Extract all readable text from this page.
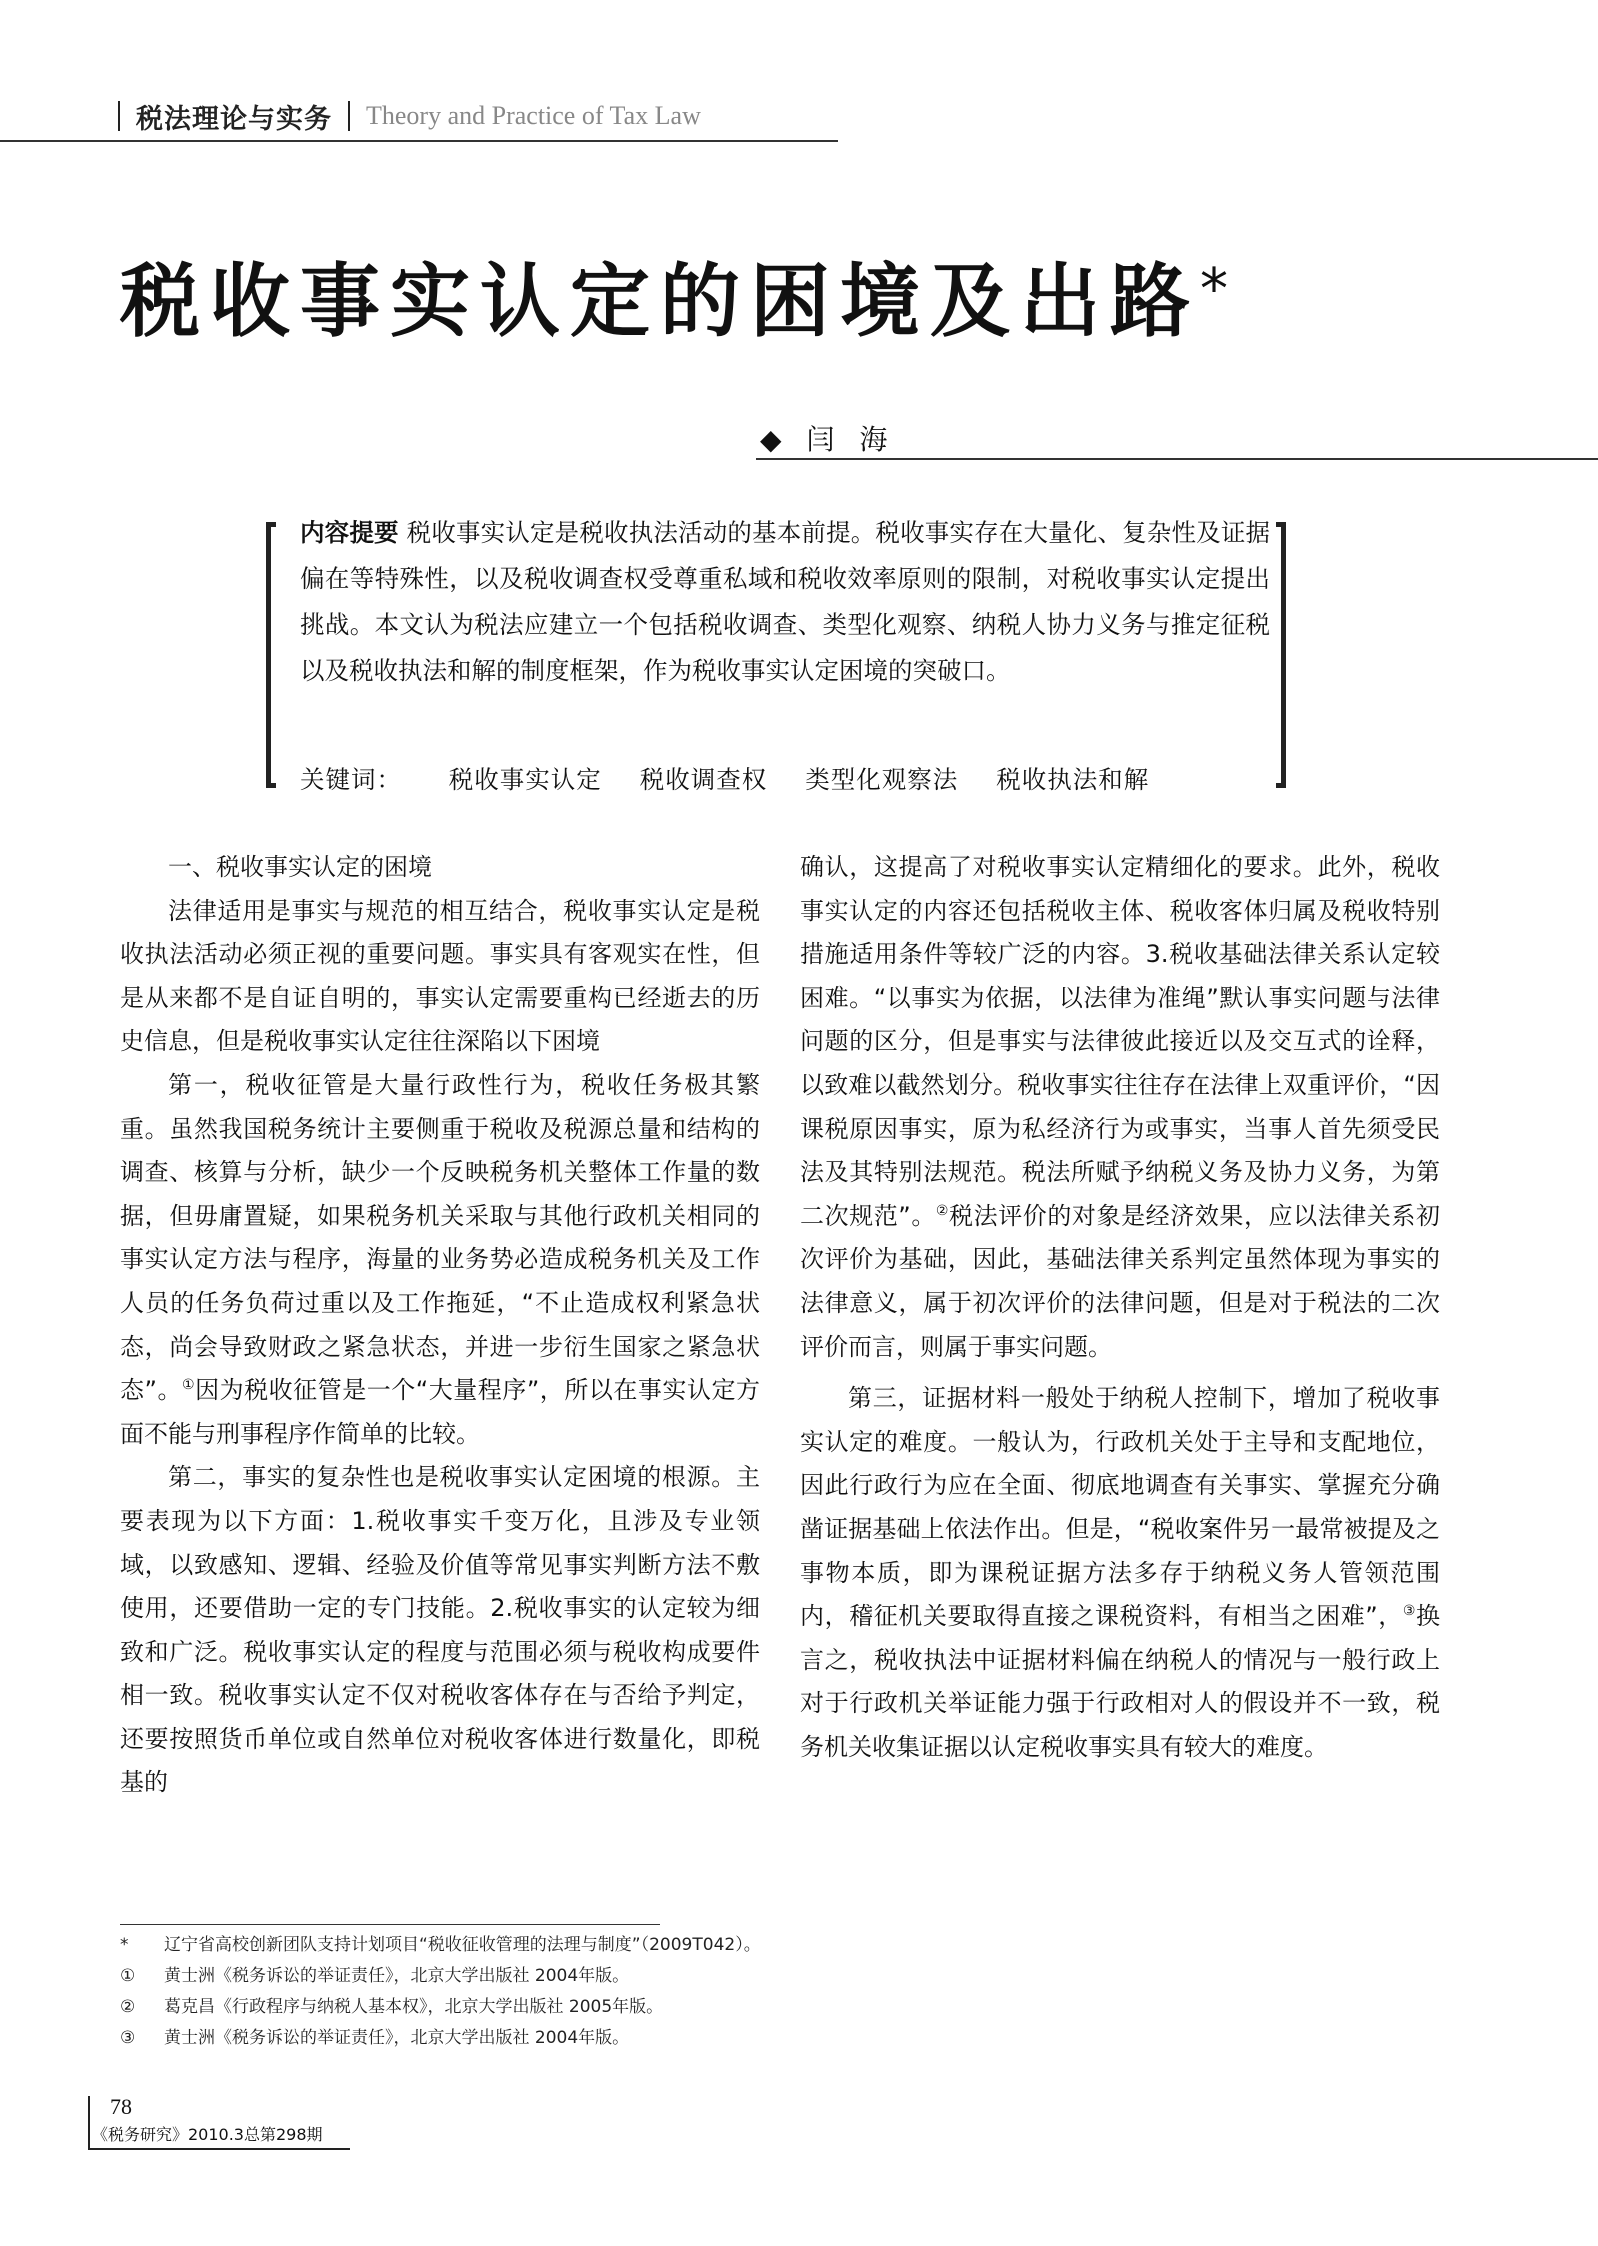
税法理论与实务 Theory and Practice of Tax Law
税收事实认定的困境及出路*
◆ 闫 海
内容提要 税收事实认定是税收执法活动的基本前提。税收事实存在大量化、复杂性及证据偏在等特殊性，以及税收调查权受尊重私域和税收效率原则的限制，对税收事实认定提出挑战。本文认为税法应建立一个包括税收调查、类型化观察、纳税人协力义务与推定征税以及税收执法和解的制度框架，作为税收事实认定困境的突破口。
关键词： 税收事实认定 税收调查权 类型化观察法 税收执法和解
一、税收事实认定的困境

法律适用是事实与规范的相互结合，税收事实认定是税收执法活动必须正视的重要问题。事实具有客观实在性，但是从来都不是自证自明的，事实认定需要重构已经逝去的历史信息，但是税收事实认定往往深陷以下困境

第一，税收征管是大量行政性行为，税收任务极其繁重。虽然我国税务统计主要侧重于税收及税源总量和结构的调查、核算与分析，缺少一个反映税务机关整体工作量的数据，但毋庸置疑，如果税务机关采取与其他行政机关相同的事实认定方法与程序，海量的业务势必造成税务机关及工作人员的任务负荷过重以及工作拖延，“不止造成权利紧急状态，尚会导致财政之紧急状态，并进一步衍生国家之紧急状态”。①因为税收征管是一个“大量程序”，所以在事实认定方面不能与刑事程序作简单的比较。

第二，事实的复杂性也是税收事实认定困境的根源。主要表现为以下方面：1.税收事实千变万化，且涉及专业领域，以致感知、逻辑、经验及价值等常见事实判断方法不敷使用，还要借助一定的专门技能。2.税收事实的认定较为细致和广泛。税收事实认定的程度与范围必须与税收构成要件相一致。税收事实认定不仅对税收客体存在与否给予判定，还要按照货币单位或自然单位对税收客体进行数量化，即税基的

确认，这提高了对税收事实认定精细化的要求。此外，税收事实认定的内容还包括税收主体、税收客体归属及税收特别措施适用条件等较广泛的内容。3.税收基础法律关系认定较困难。“以事实为依据，以法律为准绳”默认事实问题与法律问题的区分，但是事实与法律彼此接近以及交互式的诠释，以致难以截然划分。税收事实往往存在法律上双重评价，“因课税原因事实，原为私经济行为或事实，当事人首先须受民法及其特别法规范。税法所赋予纳税义务及协力义务，为第二次规范”。②税法评价的对象是经济效果，应以法律关系初次评价为基础，因此，基础法律关系判定虽然体现为事实的法律意义，属于初次评价的法律问题，但是对于税法的二次评价而言，则属于事实问题。

第三，证据材料一般处于纳税人控制下，增加了税收事实认定的难度。一般认为，行政机关处于主导和支配地位，因此行政行为应在全面、彻底地调查有关事实、掌握充分确凿证据基础上依法作出。但是，“税收案件另一最常被提及之事物本质，即为课税证据方法多存于纳税义务人管领范围内，稽征机关要取得直接之课税资料，有相当之困难”，③换言之，税收执法中证据材料偏在纳税人的情况与一般行政上对于行政机关举证能力强于行政相对人的假设并不一致，税务机关收集证据以认定税收事实具有较大的难度。

* 辽宁省高校创新团队支持计划项目“税收征收管理的法理与制度”（2009T042）。
① 黄士洲《税务诉讼的举证责任》，北京大学出版社 2004年版。
② 葛克昌《行政程序与纳税人基本权》，北京大学出版社 2005年版。
③ 黄士洲《税务诉讼的举证责任》，北京大学出版社 2004年版。
78
《税务研究》2010.3总第298期
